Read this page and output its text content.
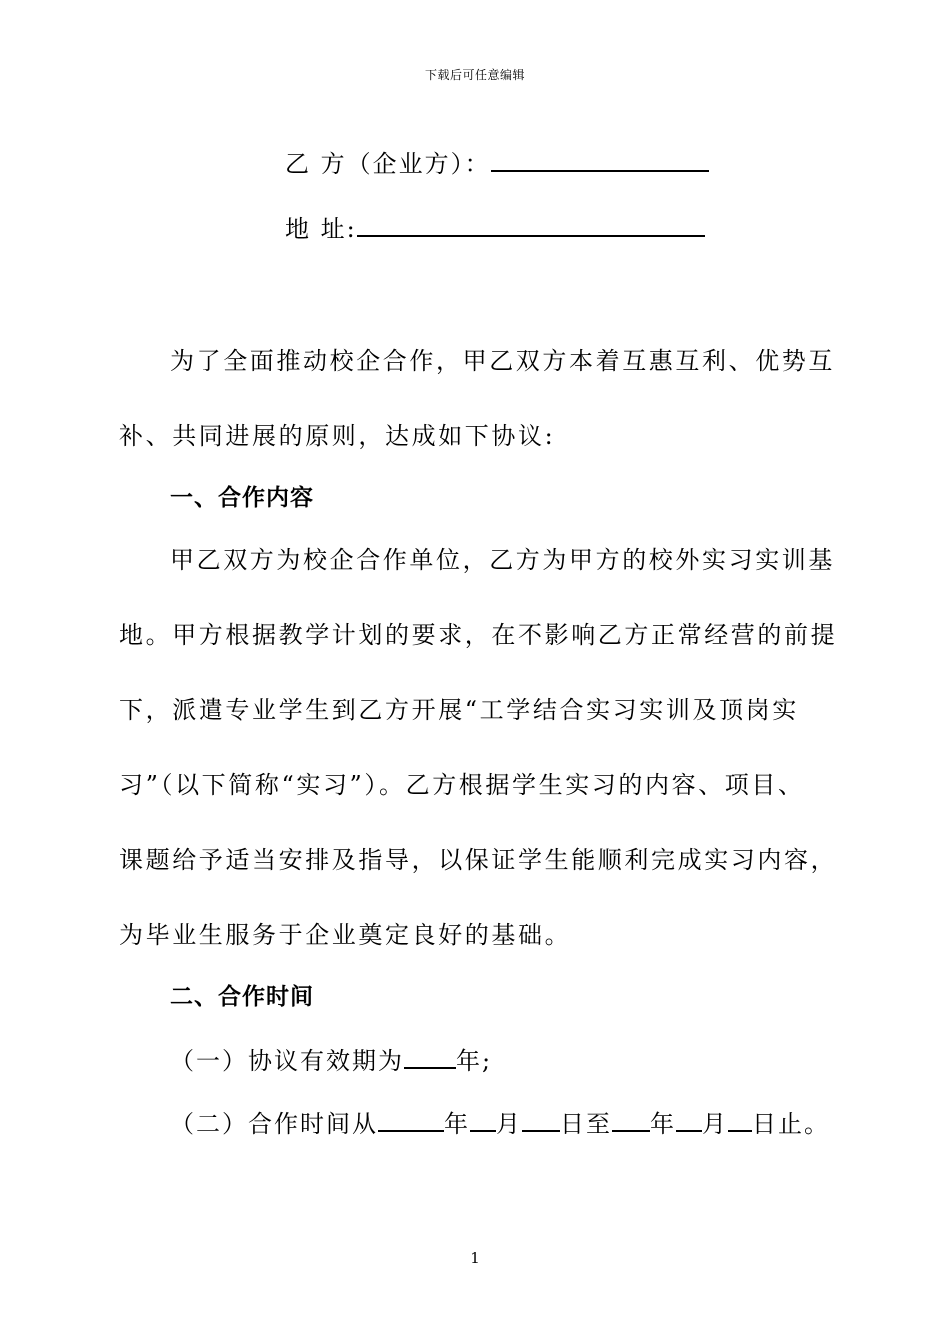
下载后可任意编辑
乙 方（企业方）：
地 址:
为了全面推动校企合作，甲乙双方本着互惠互利、优势互
补、共同进展的原则，达成如下协议:
一、合作内容
甲乙双方为校企合作单位，乙方为甲方的校外实习实训基
地。甲方根据教学计划的要求，在不影响乙方正常经营的前提
下，派遣专业学生到乙方开展“工学结合实习实训及顶岗实
习”（以下简称“实习”）。乙方根据学生实习的内容、项目、
课题给予适当安排及指导，以保证学生能顺利完成实习内容，
为毕业生服务于企业奠定良好的基础。
二、合作时间
（一）协议有效期为 年;
（二）合作时间从	年 月 日至 年 月 日止。
1
